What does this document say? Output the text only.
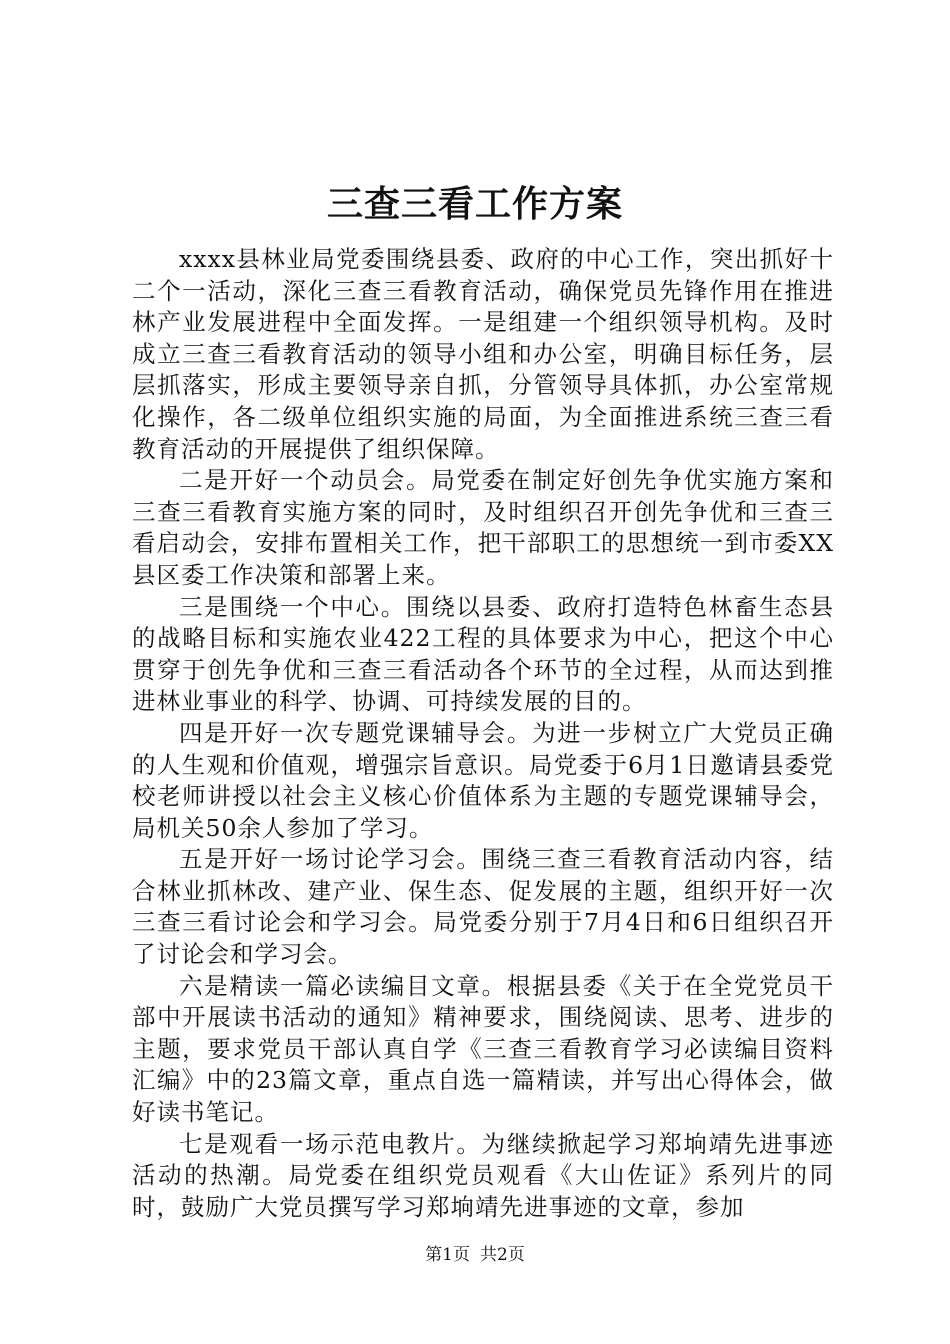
三查三看工作方案

xxxx县林业局党委围绕县委、政府的中心工作，突出抓好十二个一活动，深化三查三看教育活动，确保党员先锋作用在推进林产业发展进程中全面发挥。一是组建一个组织领导机构。及时成立三查三看教育活动的领导小组和办公室，明确目标任务，层层抓落实，形成主要领导亲自抓，分管领导具体抓，办公室常规化操作，各二级单位组织实施的局面，为全面推进系统三查三看教育活动的开展提供了组织保障。

二是开好一个动员会。局党委在制定好创先争优实施方案和三查三看教育实施方案的同时，及时组织召开创先争优和三查三看启动会，安排布置相关工作，把干部职工的思想统一到市委XX县区委工作决策和部署上来。

三是围绕一个中心。围绕以县委、政府打造特色林畜生态县的战略目标和实施农业422工程的具体要求为中心，把这个中心贯穿于创先争优和三查三看活动各个环节的全过程，从而达到推进林业事业的科学、协调、可持续发展的目的。

四是开好一次专题党课辅导会。为进一步树立广大党员正确的人生观和价值观，增强宗旨意识。局党委于6月1日邀请县委党校老师讲授以社会主义核心价值体系为主题的专题党课辅导会，局机关50余人参加了学习。

五是开好一场讨论学习会。围绕三查三看教育活动内容，结合林业抓林改、建产业、保生态、促发展的主题，组织开好一次三查三看讨论会和学习会。局党委分别于7月4日和6日组织召开了讨论会和学习会。

六是精读一篇必读编目文章。根据县委《关于在全党党员干部中开展读书活动的通知》精神要求，围绕阅读、思考、进步的主题，要求党员干部认真自学《三查三看教育学习必读编目资料汇编》中的23篇文章，重点自选一篇精读，并写出心得体会，做好读书笔记。

七是观看一场示范电教片。为继续掀起学习郑垧靖先进事迹活动的热潮。局党委在组织党员观看《大山佐证》系列片的同时，鼓励广大党员撰写学习郑垧靖先进事迹的文章，参加

第1页 共2页
